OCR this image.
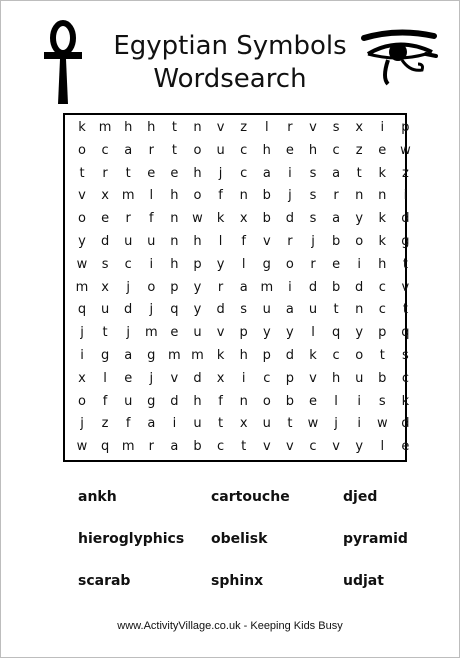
Egyptian Symbols
Wordsearch
k m h	h	t	n	v	z	l	r	v	s	x	i	p
o	c	a	r	t	o	u	c	h	e	h	c	z	e	w
t	r	t	e	e	h	j	c	a	i	s	a	t	k	z
v	x m	l	h	o	f	n	b	j	s	r	n	n	i
o	e	r	f	n	w	k	x	b	d	s	a	y	k	d
y	d	u	u	n	h	l	f	v	r	j	b	o	k	g
w	s	c	i	h	p	y	l	g	o	r	e	i	h	t
m x	j	o	p	y	r	a m	i	d	b	d	c	v
q	u	d	j	q	y	d	s	u	a	u	t	n	c	t
j	t	j	m e	u	v	p	y	y	l	q	y	p	q
i	g	a	g m m	k	h	p	d	k	c	o	t	s
x	l	e	j	v	d	x	i	c	p	v	h	u	b	c
o	f	u	g	d	h	f	n	o	b	e	l	i	s	k
j	z	f	a	i	u	t	x	u	t	w	j	i	w	d
w	q m	r	a	b	c	t	v	v	c	v	y	l	e
ankh	cartouche	djed
hieroglyphics obelisk	pyramid
scarab	sphinx	udjat
www.ActivityVillage.co.uk - Keeping Kids Busy
